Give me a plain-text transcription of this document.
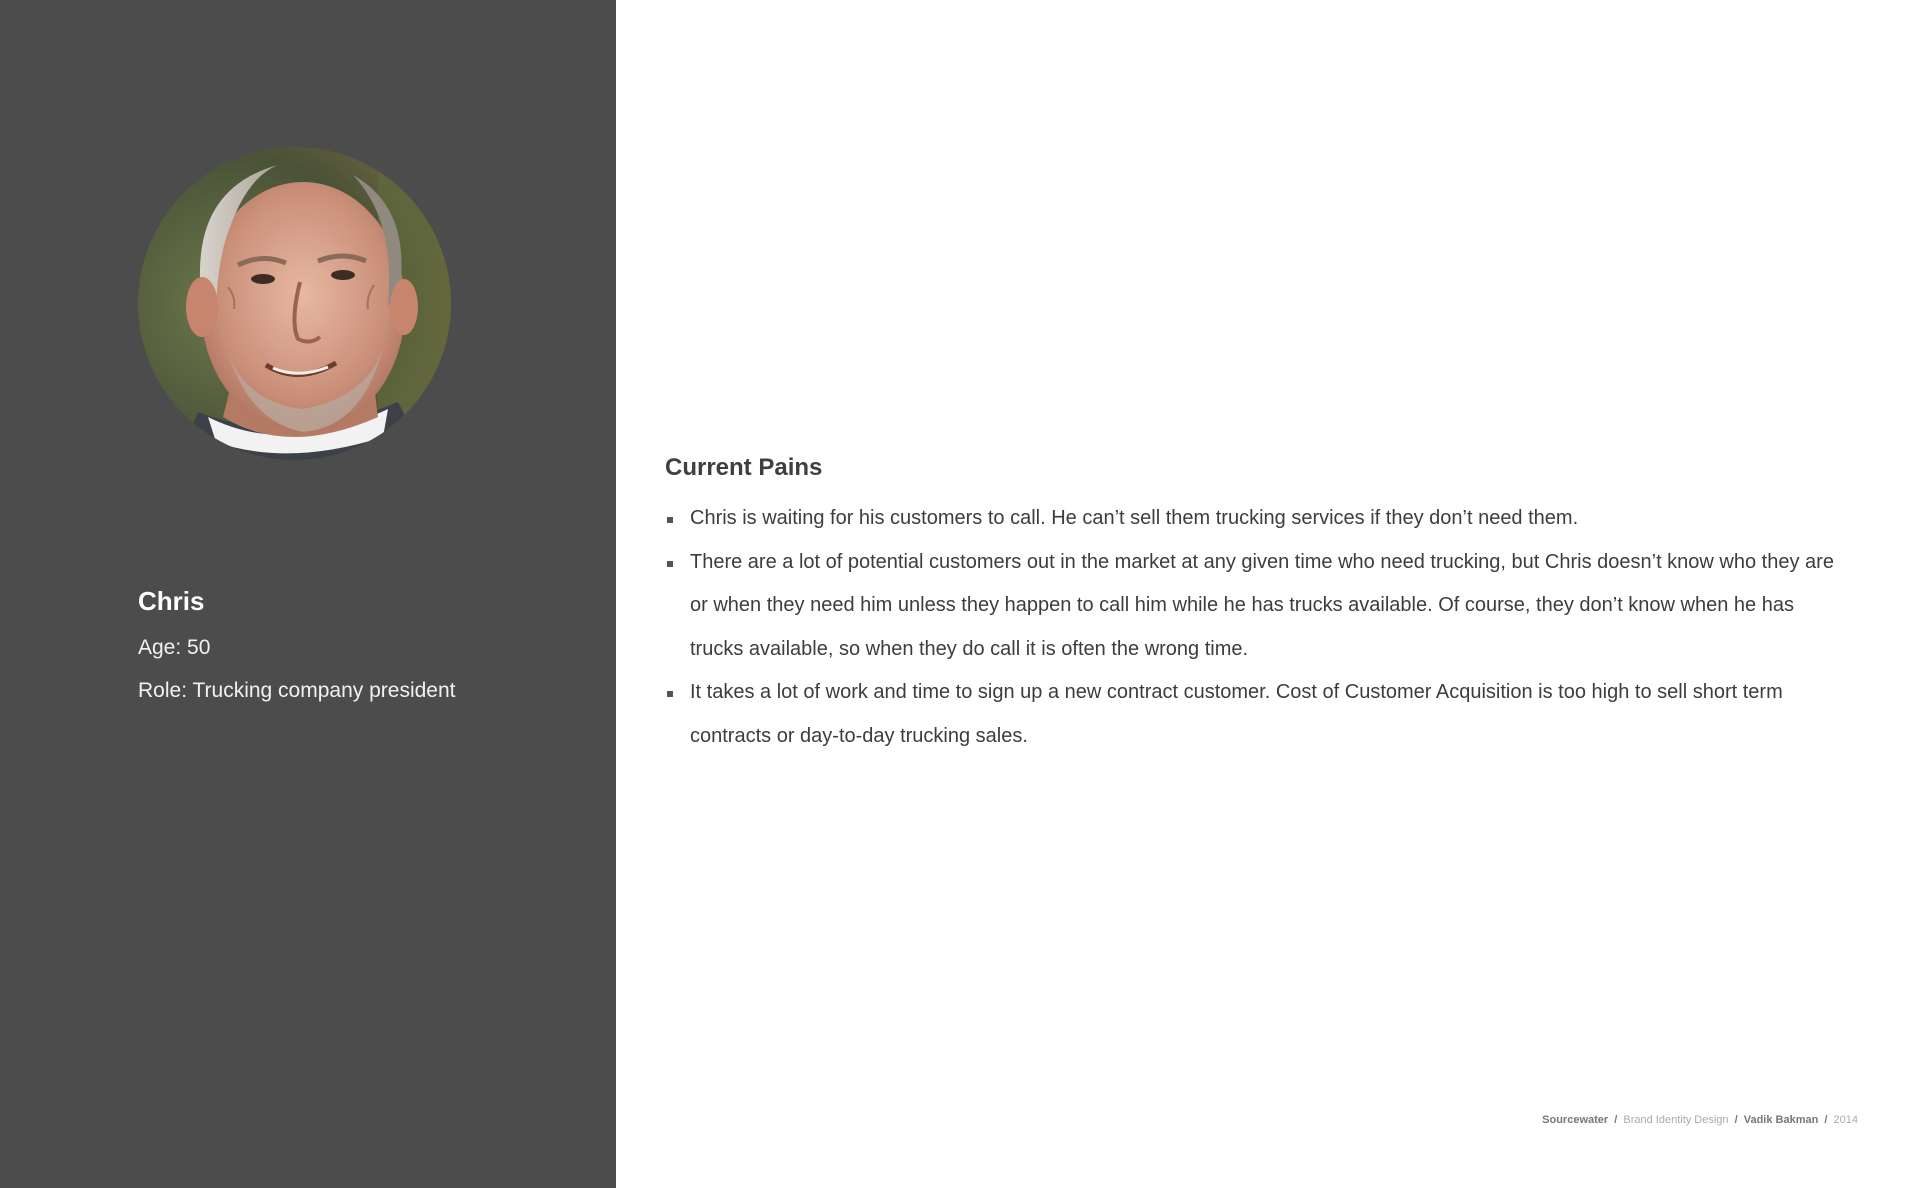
Chris
Age: 50
Role: Trucking company president
Current Pains
Chris is waiting for his customers to call. He can’t sell them trucking services if they don’t need them.
There are a lot of potential customers out in the market at any given time who need trucking, but Chris doesn’t know who they are or when they need him unless they happen to call him while he has trucks available. Of course, they don’t know when he has trucks available, so when they do call it is often the wrong time.
It takes a lot of work and time to sign up a new contract customer. Cost of Customer Acquisition is too high to sell short term contracts or day-to-day trucking sales.
Sourcewater / Brand Identity Design / Vadik Bakman / 2014
